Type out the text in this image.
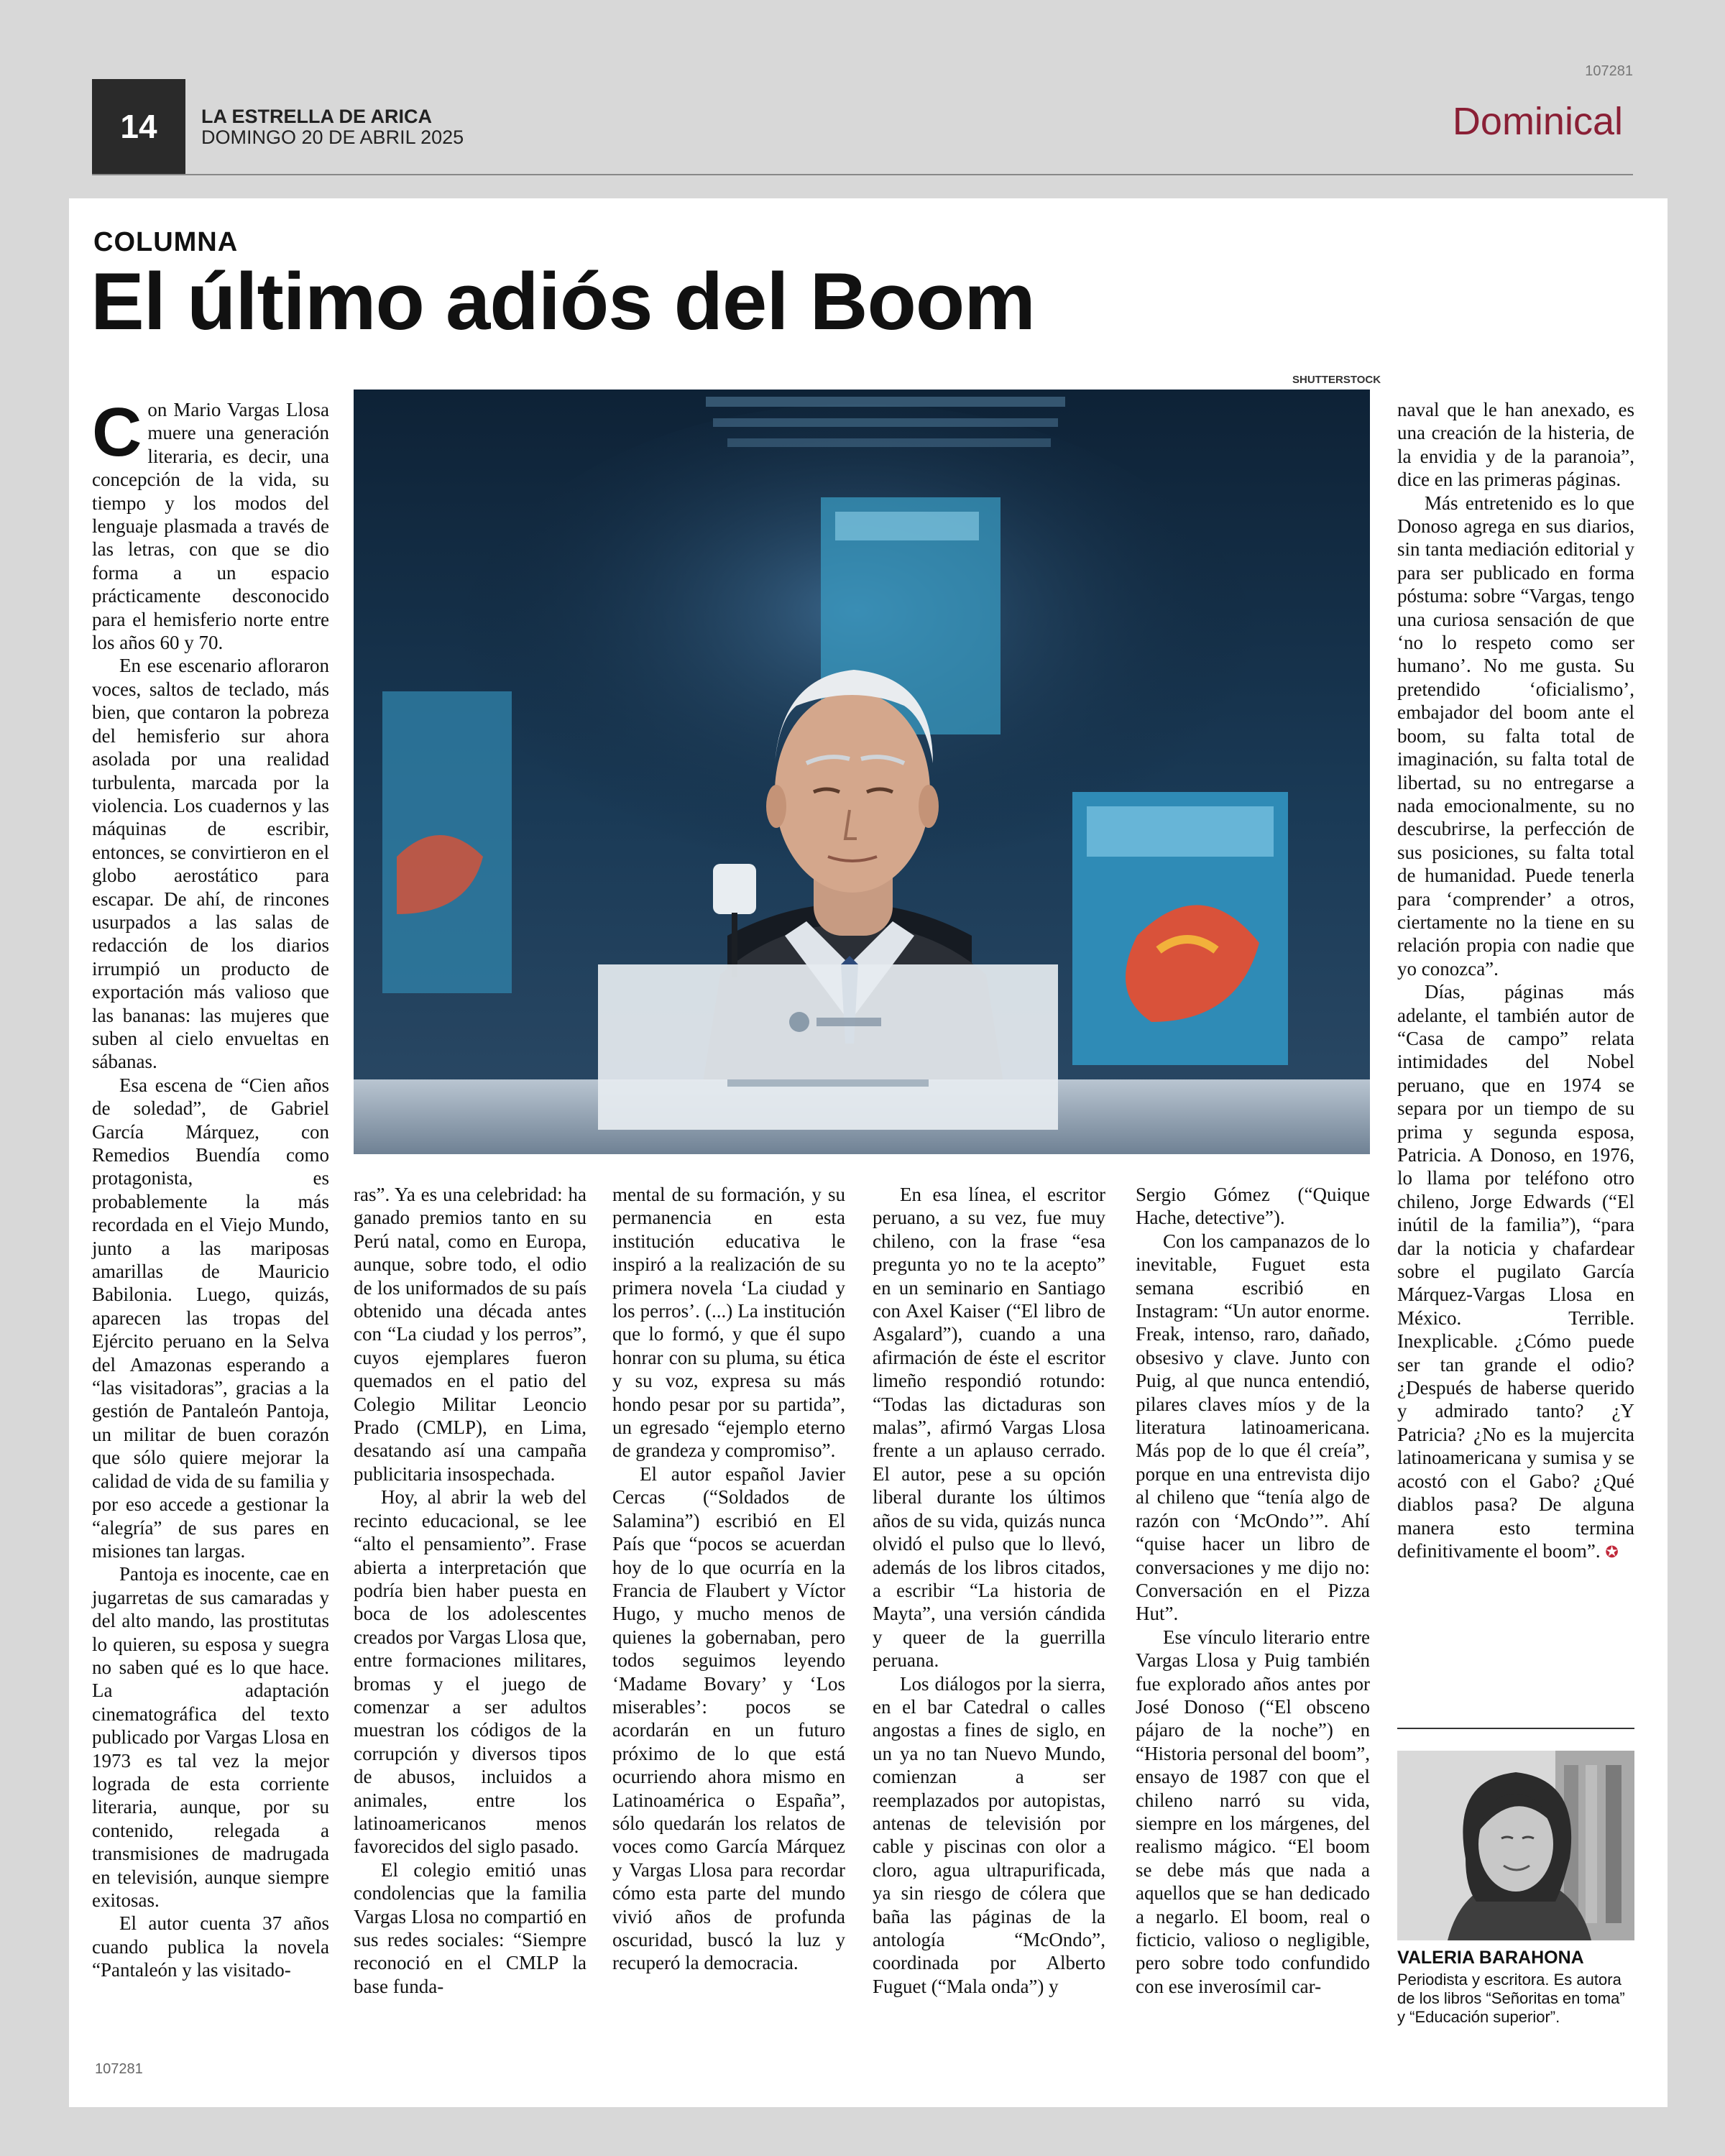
107281
14	LA ESTRELLA DE ARICA
DOMINGO 20 DE ABRIL 2025	Dominical
COLUMNA
El último adiós del Boom
SHUTTERSTOCK

Con Mario Vargas Llosa muere una generación literaria, es decir, una concepción de la vida, su tiempo y los modos del lenguaje plasmada a través de las letras, con que se dio forma a un espacio prácticamente desconocido para el hemisferio norte entre los años 60 y 70.

En ese escenario afloraron voces, saltos de teclado, más bien, que contaron la pobreza del hemisferio sur ahora asolada por una realidad turbulenta, marcada por la violencia. Los cuadernos y las máquinas de escribir, entonces, se convirtieron en el globo aerostático para escapar. De ahí, de rincones usurpados a las salas de redacción de los diarios irrumpió un producto de exportación más valioso que las bananas: las mujeres que suben al cielo envueltas en sábanas.

Esa escena de “Cien años de soledad”, de Gabriel García Márquez, con Remedios Buendía como protagonista, es probablemente la más recordada en el Viejo Mundo, junto a las mariposas amarillas de Mauricio Babilonia. Luego, quizás, aparecen las tropas del Ejército peruano en la Selva del Amazonas esperando a “las visitadoras”, gracias a la gestión de Pantaleón Pantoja, un militar de buen corazón que sólo quiere mejorar la calidad de vida de su familia y por eso accede a gestionar la “alegría” de sus pares en misiones tan largas.

Pantoja es inocente, cae en jugarretas de sus camaradas y del alto mando, las prostitutas lo quieren, su esposa y suegra no saben qué es lo que hace. La adaptación cinematográfica del texto publicado por Vargas Llosa en 1973 es tal vez la mejor lograda de esta corriente literaria, aunque, por su contenido, relegada a transmisiones de madrugada en televisión, aunque siempre exitosas.

El autor cuenta 37 años cuando publica la novela “Pantaleón y las visitado-

ras”. Ya es una celebridad: ha ganado premios tanto en su Perú natal, como en Europa, aunque, sobre todo, el odio de los uniformados de su país obtenido una década antes con “La ciudad y los perros”, cuyos ejemplares fueron quemados en el patio del Colegio Militar Leoncio Prado (CMLP), en Lima, desatando así una campaña publicitaria insospechada.

Hoy, al abrir la web del recinto educacional, se lee “alto el pensamiento”. Frase abierta a interpretación que podría bien haber puesta en boca de los adolescentes creados por Vargas Llosa que, entre formaciones militares, bromas y el juego de comenzar a ser adultos muestran los códigos de la corrupción y diversos tipos de abusos, incluidos a animales, entre los latinoamericanos menos favorecidos del siglo pasado.

El colegio emitió unas condolencias que la familia Vargas Llosa no compartió en sus redes sociales: “Siempre reconoció en el CMLP la base funda-

mental de su formación, y su permanencia en esta institución educativa le inspiró a la realización de su primera novela ‘La ciudad y los perros’. (...) La institución que lo formó, y que él supo honrar con su pluma, su ética y su voz, expresa su más hondo pesar por su partida”, un egresado “ejemplo eterno de grandeza y compromiso”.

El autor español Javier Cercas (“Soldados de Salamina”) escribió en El País que “pocos se acuerdan hoy de lo que ocurría en la Francia de Flaubert y Víctor Hugo, y mucho menos de quienes la gobernaban, pero todos seguimos leyendo ‘Madame Bovary’ y ‘Los miserables’: pocos se acordarán en un futuro próximo de lo que está ocurriendo ahora mismo en Latinoamérica o España”, sólo quedarán los relatos de voces como García Márquez y Vargas Llosa para recordar cómo esta parte del mundo vivió años de profunda oscuridad, buscó la luz y recuperó la democracia.

En esa línea, el escritor peruano, a su vez, fue muy chileno, con la frase “esa pregunta yo no te la acepto” en un seminario en Santiago con Axel Kaiser (“El libro de Asgalard”), cuando a una afirmación de éste el escritor limeño respondió rotundo: “Todas las dictaduras son malas”, afirmó Vargas Llosa frente a un aplauso cerrado. El autor, pese a su opción liberal durante los últimos años de su vida, quizás nunca olvidó el pulso que lo llevó, además de los libros citados, a escribir “La historia de Mayta”, una versión cándida y queer de la guerrilla peruana.

Los diálogos por la sierra, en el bar Catedral o calles angostas a fines de siglo, en un ya no tan Nuevo Mundo, comienzan a ser reemplazados por autopistas, antenas de televisión por cable y piscinas con olor a cloro, agua ultrapurificada, ya sin riesgo de cólera que baña las páginas de la antología “McOndo”, coordinada por Alberto Fuguet (“Mala onda”) y

Sergio Gómez (“Quique Hache, detective”).

Con los campanazos de lo inevitable, Fuguet esta semana escribió en Instagram: “Un autor enorme. Freak, intenso, raro, dañado, obsesivo y clave. Junto con Puig, al que nunca entendió, pilares claves míos y de la literatura latinoamericana. Más pop de lo que él creía”, porque en una entrevista dijo al chileno que “tenía algo de razón con ‘McOndo’”. Ahí “quise hacer un libro de conversaciones y me dijo no: Conversación en el Pizza Hut”.

Ese vínculo literario entre Vargas Llosa y Puig también fue explorado años antes por José Donoso (“El obsceno pájaro de la noche”) en “Historia personal del boom”, ensayo de 1987 con que el chileno narró su vida, siempre en los márgenes, del realismo mágico. “El boom se debe más que nada a aquellos que se han dedicado a negarlo. El boom, real o ficticio, valioso o negligible, pero sobre todo confundido con ese inverosímil car-

naval que le han anexado, es una creación de la histeria, de la envidia y de la paranoia”, dice en las primeras páginas.

Más entretenido es lo que Donoso agrega en sus diarios, sin tanta mediación editorial y para ser publicado en forma póstuma: sobre “Vargas, tengo una curiosa sensación de que ‘no lo respeto como ser humano’. No me gusta. Su pretendido ‘oficialismo’, embajador del boom ante el boom, su falta total de imaginación, su falta total de libertad, su no entregarse a nada emocionalmente, su no descubrirse, la perfección de sus posiciones, su falta total de humanidad. Puede tenerla para ‘comprender’ a otros, ciertamente no la tiene en su relación propia con nadie que yo conozca”.

Días, páginas más adelante, el también autor de “Casa de campo” relata intimidades del Nobel peruano, que en 1974 se separa por un tiempo de su prima y segunda esposa, Patricia. A Donoso, en 1976, lo llama por teléfono otro chileno, Jorge Edwards (“El inútil de la familia”), “para dar la noticia y chafardear sobre el pugilato García Márquez-Vargas Llosa en México. Terrible. Inexplicable. ¿Cómo puede ser tan grande el odio? ¿Después de haberse querido y admirado tanto? ¿Y Patricia? ¿No es la mujercita latinoamericana y sumisa y se acostó con el Gabo? ¿Qué diablos pasa? De alguna manera esto termina definitivamente el boom”. ✪

VALERIA BARAHONA
Periodista y escritora. Es autora de los libros “Señoritas en toma” y “Educación superior”.
107281
